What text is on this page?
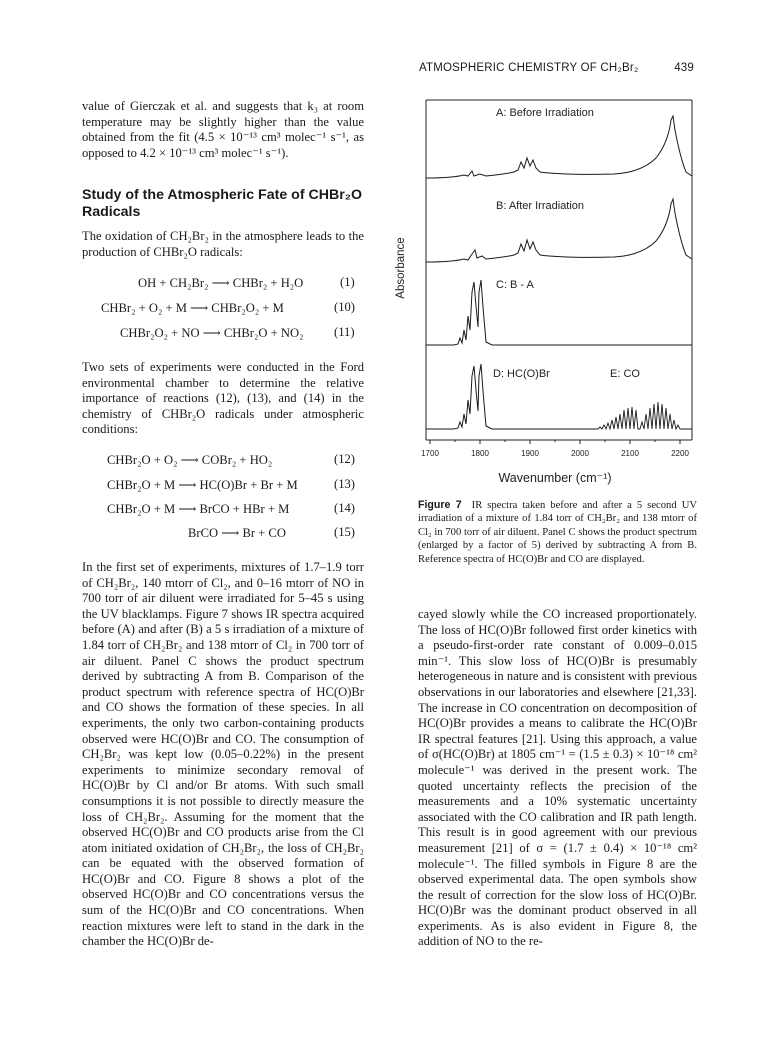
ATMOSPHERIC CHEMISTRY OF CH₂Br₂	439

value of Gierczak et al. and suggests that k₃ at room temperature may be slightly higher than the value obtained from the fit (4.5 × 10⁻¹³ cm³ molec⁻¹ s⁻¹, as opposed to 4.2 × 10⁻¹³ cm³ molec⁻¹ s⁻¹).

Study of the Atmospheric Fate of CHBr₂O Radicals

The oxidation of CH₂Br₂ in the atmosphere leads to the production of CHBr₂O radicals:

OH + CH₂Br₂ ⟶ CHBr₂ + H₂O	(1)
CHBr₂ + O₂ + M ⟶ CHBr₂O₂ + M	(10)
CHBr₂O₂ + NO ⟶ CHBr₂O + NO₂ (11)

Two sets of experiments were conducted in the Ford environmental chamber to determine the relative importance of reactions (12), (13), and (14) in the chemistry of CHBr₂O radicals under atmospheric conditions:

CHBr₂O + O₂ ⟶ COBr₂ + HO₂	(12)
CHBr₂O + M ⟶ HC(O)Br + Br + M	(13)
CHBr₂O + M ⟶ BrCO + HBr + M	(14)
BrCO ⟶ Br + CO	(15)

In the first set of experiments, mixtures of 1.7–1.9 torr of CH₂Br₂, 140 mtorr of Cl₂, and 0–16 mtorr of NO in 700 torr of air diluent were irradiated for 5–45 s using the UV blacklamps. Figure 7 shows IR spectra acquired before (A) and after (B) a 5 s irradiation of a mixture of 1.84 torr of CH₂Br₂ and 138 mtorr of Cl₂ in 700 torr of air diluent. Panel C shows the product spectrum derived by subtracting A from B. Comparison of the product spectrum with reference spectra of HC(O)Br and CO shows the formation of these species. In all experiments, the only two carbon-containing products observed were HC(O)Br and CO. The consumption of CH₂Br₂ was kept low (0.05–0.22%) in the present experiments to minimize secondary removal of HC(O)Br by Cl and/or Br atoms. With such small consumptions it is not possible to directly measure the loss of CH₂Br₂. Assuming for the moment that the observed HC(O)Br and CO products arise from the Cl atom initiated oxidation of CH₂Br₂, the loss of CH₂Br₂ can be equated with the observed formation of HC(O)Br and CO. Figure 8 shows a plot of the observed HC(O)Br and CO concentrations versus the sum of the HC(O)Br and CO concentrations. When reaction mixtures were left to stand in the dark in the chamber the HC(O)Br de-

1700	1800	1900	2000	2100	2200
Wavenumber (cm⁻¹)
Absorbance
A: Before Irradiation
B: After Irradiation
C: B - A
D: HC(O)Br	E: CO

Figure 7 IR spectra taken before and after a 5 second UV irradiation of a mixture of 1.84 torr of CH₂Br₂ and 138 mtorr of Cl₂ in 700 torr of air diluent. Panel C shows the product spectrum (enlarged by a factor of 5) derived by subtracting A from B. Reference spectra of HC(O)Br and CO are displayed.

cayed slowly while the CO increased proportionately. The loss of HC(O)Br followed first order kinetics with a pseudo-first-order rate constant of 0.009–0.015 min⁻¹. This slow loss of HC(O)Br is presumably heterogeneous in nature and is consistent with previous observations in our laboratories and elsewhere [21,33]. The increase in CO concentration on decomposition of HC(O)Br provides a means to calibrate the HC(O)Br IR spectral features [21]. Using this approach, a value of σ(HC(O)Br) at 1805 cm⁻¹ = (1.5 ± 0.3) × 10⁻¹⁸ cm² molecule⁻¹ was derived in the present work. The quoted uncertainty reflects the precision of the measurements and a 10% systematic uncertainty associated with the CO calibration and IR path length. This result is in good agreement with our previous measurement [21] of σ = (1.7 ± 0.4) × 10⁻¹⁸ cm² molecule⁻¹. The filled symbols in Figure 8 are the observed experimental data. The open symbols show the result of correction for the slow loss of HC(O)Br. HC(O)Br was the dominant product observed in all experiments. As is also evident in Figure 8, the addition of NO to the re-
